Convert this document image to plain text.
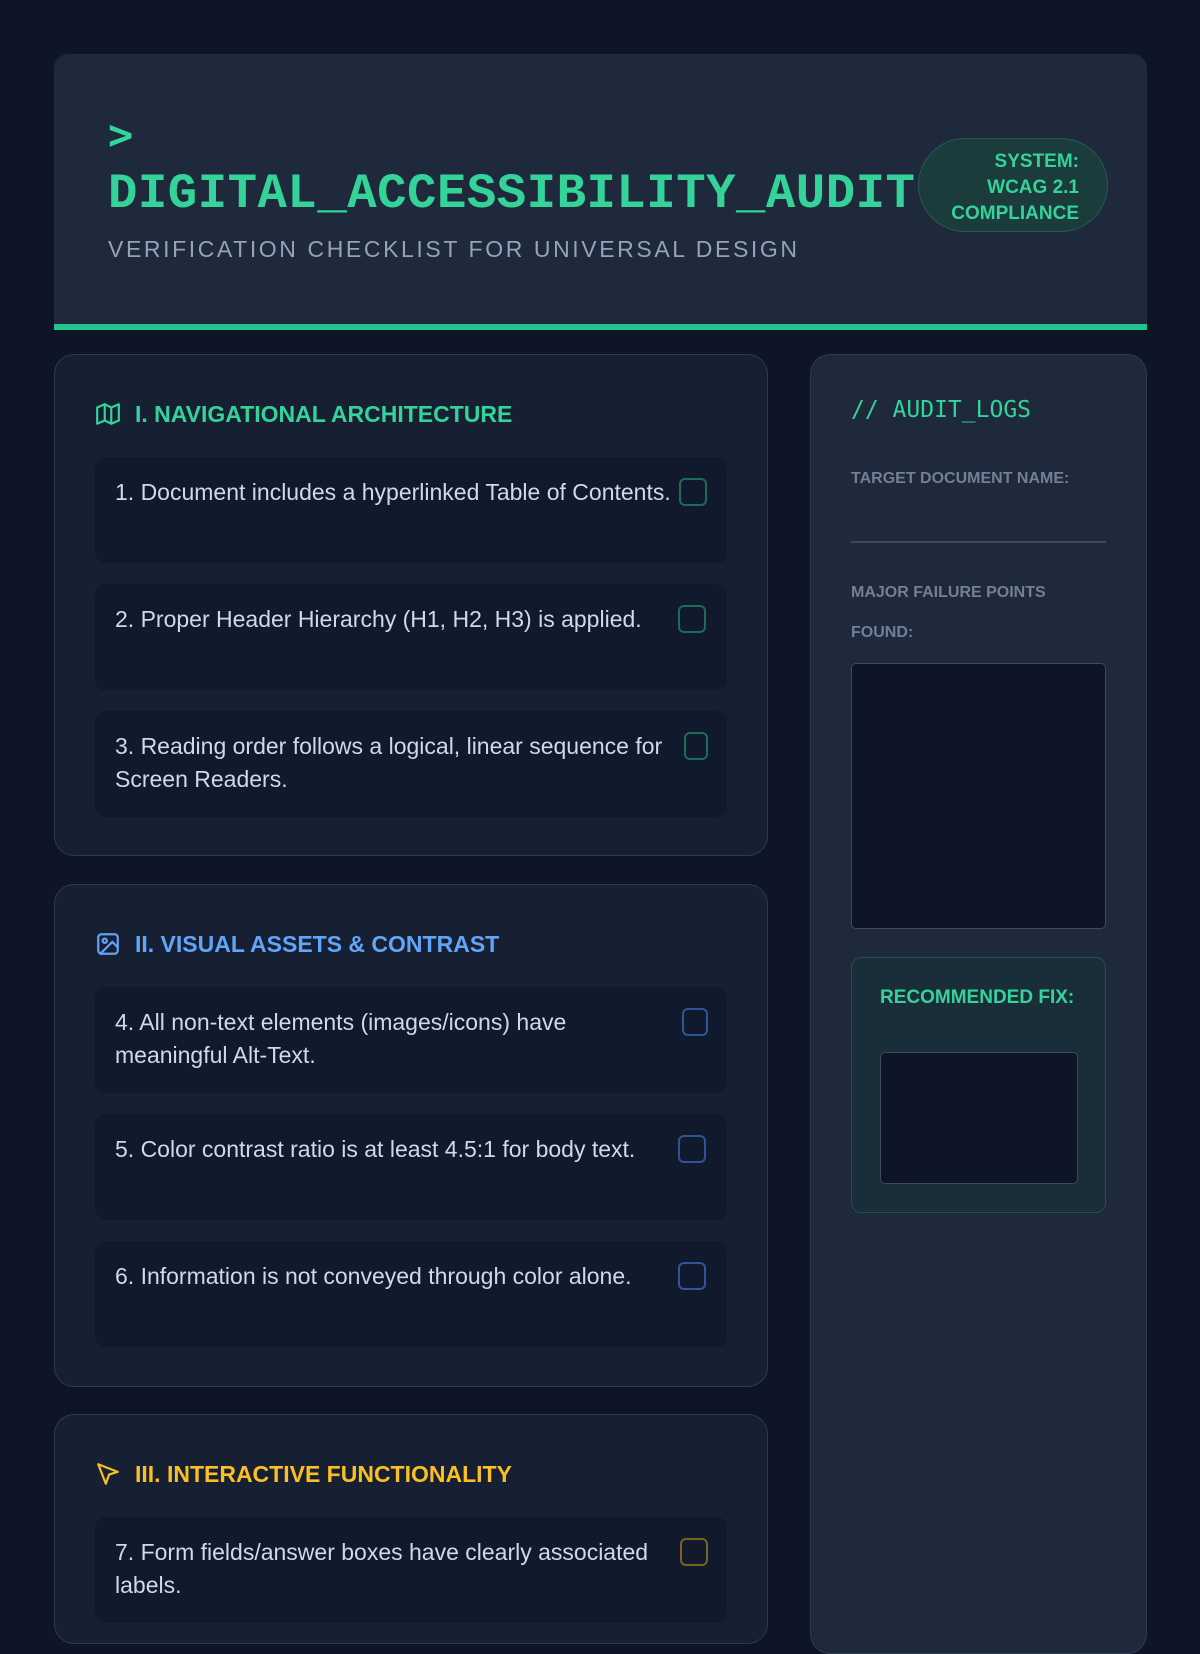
>
DIGITAL_ACCESSIBILITY_AUDIT
VERIFICATION CHECKLIST FOR UNIVERSAL DESIGN
SYSTEM:
WCAG 2.1
COMPLIANCE
I. NAVIGATIONAL ARCHITECTURE
1. Document includes a hyperlinked Table of Contents.
2. Proper Header Hierarchy (H1, H2, H3) is applied.
3. Reading order follows a logical, linear sequence for Screen Readers.
II. VISUAL ASSETS & CONTRAST
4. All non-text elements (images/icons) have meaningful Alt-Text.
5. Color contrast ratio is at least 4.5:1 for body text.
6. Information is not conveyed through color alone.
III. INTERACTIVE FUNCTIONALITY
7. Form fields/answer boxes have clearly associated labels.
// AUDIT_LOGS
TARGET DOCUMENT NAME:
MAJOR FAILURE POINTS FOUND:
RECOMMENDED FIX:
